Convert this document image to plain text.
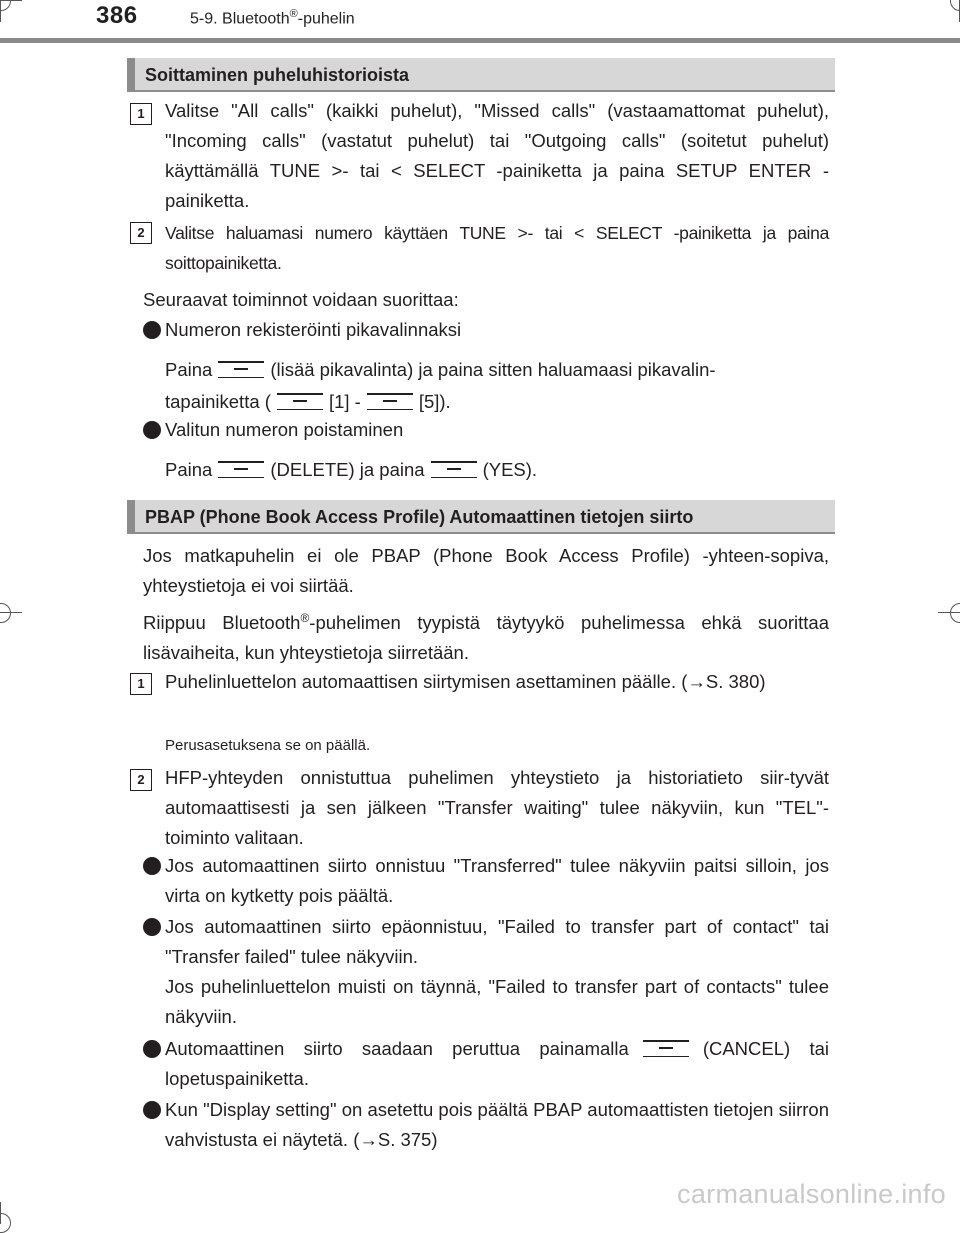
386	5-9. Bluetooth®-puhelin
Soittaminen puheluhistorioista
1	Valitse "All calls" (kaikki puhelut), "Missed calls" (vastaamattomat puhelut), "Incoming calls" (vastatut puhelut) tai "Outgoing calls" (soitetut puhelut) käyttämällä TUNE >- tai < SELECT -painiketta ja paina SETUP ENTER -painiketta.
2	Valitse haluamasi numero käyttäen TUNE >- tai < SELECT -painiketta ja paina soittopainiketta.
Seuraavat toiminnot voidaan suorittaa:
Numeron rekisteröinti pikavalinnaksi
Paina	(lisää pikavalinta) ja paina sitten haluamaasi pikavalin-
tapainiketta (	[1] -	[5]).
Valitun numeron poistaminen
Paina	(DELETE) ja paina	(YES).
PBAP (Phone Book Access Profile) Automaattinen tietojen siirto
Jos matkapuhelin ei ole PBAP (Phone Book Access Profile) -yhteen-sopiva, yhteystietoja ei voi siirtää.
Riippuu Bluetooth®-puhelimen tyypistä täytyykö puhelimessa ehkä suorittaa lisävaiheita, kun yhteystietoja siirretään.
1	Puhelinluettelon automaattisen siirtymisen asettaminen päälle. (→S. 380)
Perusasetuksena se on päällä.
2	HFP-yhteyden onnistuttua puhelimen yhteystieto ja historiatieto siir-tyvät automaattisesti ja sen jälkeen "Transfer waiting" tulee näkyviin, kun "TEL"-toiminto valitaan.
Jos automaattinen siirto onnistuu "Transferred" tulee näkyviin paitsi silloin, jos virta on kytketty pois päältä.
Jos automaattinen siirto epäonnistuu, "Failed to transfer part of contact" tai "Transfer failed" tulee näkyviin.
Jos puhelinluettelon muisti on täynnä, "Failed to transfer part of contacts" tulee näkyviin.
Automaattinen siirto saadaan peruttua painamalla	(CANCEL) tai lopetuspainiketta.
Kun "Display setting" on asetettu pois päältä PBAP automaattisten tietojen siirron vahvistusta ei näytetä. (→S. 375)
carmanualsonline.info
